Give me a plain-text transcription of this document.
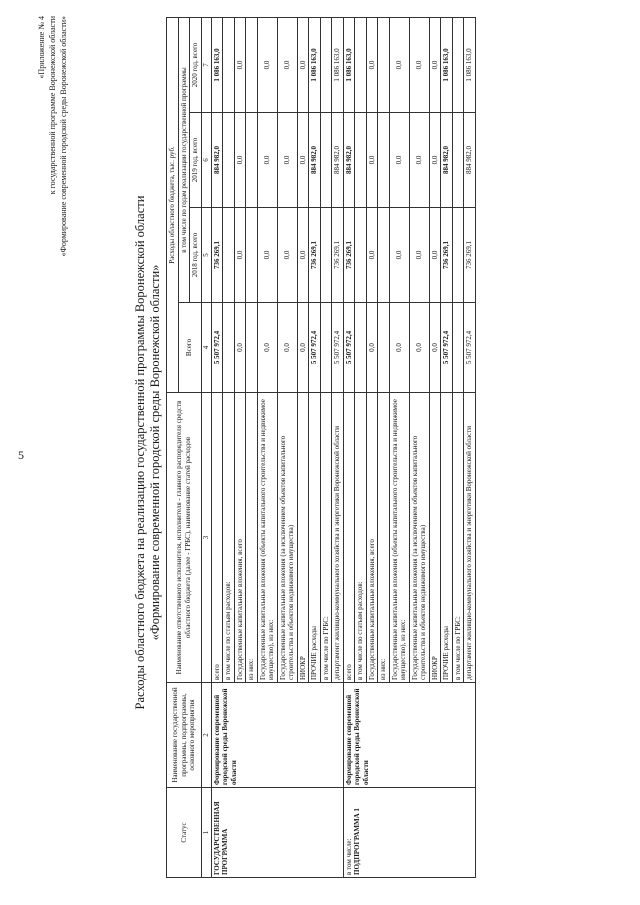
5
«Приложение № 4 к государственной программе Воронежской области «Формирование современной городской среды Воронежской области»
Расходы областного бюджета на реализацию государственной программы Воронежской области «Формирование современной городской среды Воронежской области»
Статус	Наименование государственной программы, подпрограммы, основного мероприятия	Наименование ответственного исполнителя, исполнителя - главного распорядителя средств областного бюджета (далее - ГРБС), наименование статей расходов	Расходы областного бюджета, тыс. руб.			
			Всего	в том числе по годам реализации государственной программы		
				2018 год, всего	2019 год, всего	2020 год, всего
1	2	3	4	5	6	7

ГОСУДАРСТВЕННАЯ ПРОГРАММА	Формирование современной городской среды Воронежской области	всего	5 507 972,4	736 269,1	884 982,0	1 086 163,0
		в том числе по статьям расходов:				
		Государственные капитальные вложения, всего	0,0	0,0	0,0	0,0
		из них:				
		Государственные капитальные вложения (объекты капитального строительства и недвижимое имущество), из них:	0,0	0,0	0,0	0,0
		Государственные капитальные вложения (за исключением объектов капитального строительства и объектов недвижимого имущества)	0,0	0,0	0,0	0,0
		НИОКР	0,0	0,0	0,0	0,0
		ПРОЧИЕ расходы	5 507 972,4	736 269,1	884 982,0	1 086 163,0
		в том числе по ГРБС:				
		департамент жилищно-коммунального хозяйства и энергетики Воронежской области	5 507 972,4	736 269,1	884 982,0	1 086 163,0

в том числе: ПОДПРОГРАММА 1	Формирование современной городской среды Воронежской области	всего	5 507 972,4	736 269,1	884 982,0	1 086 163,0
		в том числе по статьям расходов:				
		Государственные капитальные вложения, всего	0,0	0,0	0,0	0,0
		из них:				
		Государственные капитальные вложения (объекты капитального строительства и недвижимое имущество), из них:	0,0	0,0	0,0	0,0
		Государственные капитальные вложения (за исключением объектов капитального строительства и объектов недвижимого имущества)	0,0	0,0	0,0	0,0
		НИОКР	0,0	0,0	0,0	0,0
		ПРОЧИЕ расходы	5 507 972,4	736 269,1	884 982,0	1 086 163,0
		в том числе по ГРБС:				
		департамент жилищно-коммунального хозяйства и энергетики Воронежской области	5 507 972,4	736 269,1	884 982,0	1 086 163,0
